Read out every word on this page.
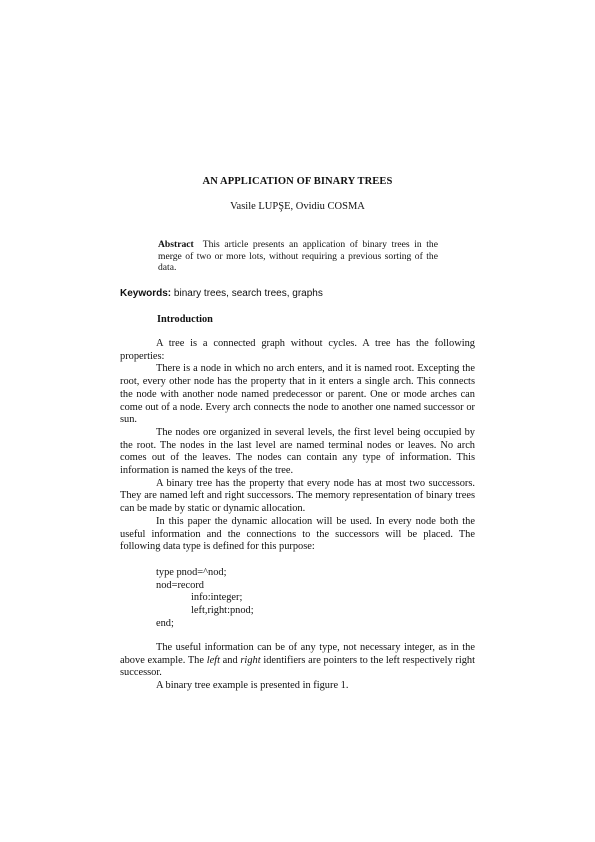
AN APPLICATION OF BINARY TREES
Vasile LUPŞE, Ovidiu COSMA
Abstract This article presents an application of binary trees in the merge of two or more lots, without requiring a previous sorting of the data.
Keywords: binary trees, search trees, graphs
Introduction

A tree is a connected graph without cycles. A tree has the following properties:

There is a node in which no arch enters, and it is named root. Excepting the root, every other node has the property that in it enters a single arch. This connects the node with another node named predecessor or parent. One or mode arches can come out of a node. Every arch connects the node to another one named successor or sun.

The nodes ore organized in several levels, the first level being occupied by the root. The nodes in the last level are named terminal nodes or leaves. No arch comes out of the leaves. The nodes can contain any type of information. This information is named the keys of the tree.

A binary tree has the property that every node has at most two successors. They are named left and right successors. The memory representation of binary trees can be made by static or dynamic allocation.

In this paper the dynamic allocation will be used. In every node both the useful information and the connections to the successors will be placed. The following data type is defined for this purpose:

type pnod=^nod;
nod=record
info:integer;
left,right:pnod;
end;

The useful information can be of any type, not necessary integer, as in the above example. The left and right identifiers are pointers to the left respectively right successor.

A binary tree example is presented in figure 1.
